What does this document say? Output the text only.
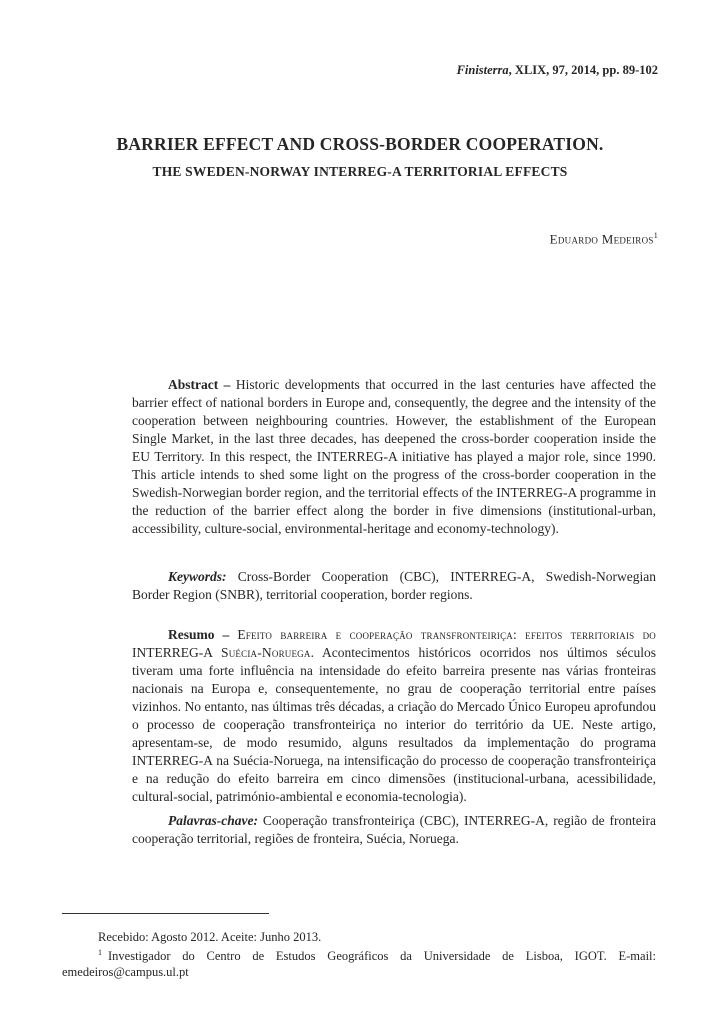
Finisterra, XLIX, 97, 2014, pp. 89-102
BARRIER EFFECT AND CROSS-BORDER COOPERATION.
THE SWEDEN-NORWAY INTERREG-A TERRITORIAL EFFECTS
Eduardo Medeiros$^1$

Abstract – Historic developments that occurred in the last centuries have affected the barrier effect of national borders in Europe and, consequently, the degree and the intensity of the cooperation between neighbouring countries. However, the establishment of the European Single Market, in the last three decades, has deepened the cross-border cooperation inside the EU Territory. In this respect, the INTERREG-A initiative has played a major role, since 1990. This article intends to shed some light on the progress of the cross-border cooperation in the Swedish-Norwegian border region, and the territorial effects of the INTERREG-A programme in the reduction of the barrier effect along the border in five dimensions (institutional-urban, accessibility, culture-social, environmental-heritage and economy-technology).

Keywords: Cross-Border Cooperation (CBC), INTERREG-A, Swedish-Norwegian Border Region (SNBR), territorial cooperation, border regions.

Resumo – Efeito barreira e cooperação transfronteiriça: efeitos territoriais do INTERREG-A Suécia-Noruega. Acontecimentos históricos ocorridos nos últimos séculos tiveram uma forte influência na intensidade do efeito barreira presente nas várias fronteiras nacionais na Europa e, consequentemente, no grau de cooperação territorial entre países vizinhos. No entanto, nas últimas três décadas, a criação do Mercado Único Europeu aprofundou o processo de cooperação transfronteiriça no interior do território da UE. Neste artigo, apresentam-se, de modo resumido, alguns resultados da implementação do programa INTERREG-A na Suécia-Noruega, na intensificação do processo de cooperação transfronteiriça e na redução do efeito barreira em cinco dimensões (institucional-urbana, acessibilidade, cultural-social, património-ambiental e economia-tecnologia).

Palavras-chave: Cooperação transfronteiriça (CBC), INTERREG-A, região de fronteira cooperação territorial, regiões de fronteira, Suécia, Noruega.

Recebido: Agosto 2012. Aceite: Junho 2013.

$^1$ Investigador do Centro de Estudos Geográficos da Universidade de Lisboa, IGOT. E-mail: emedeiros@campus.ul.pt
